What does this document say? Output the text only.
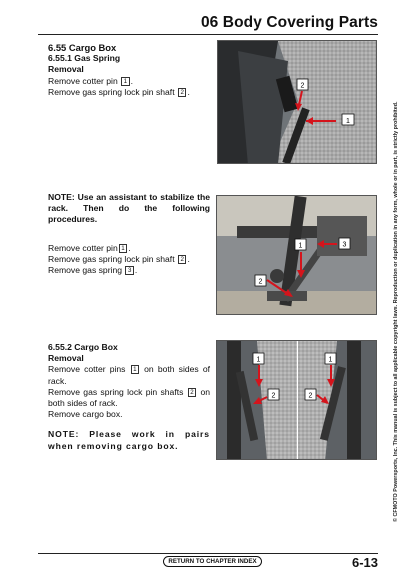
06 Body Covering Parts
© CFMOTO Powersports, Inc. This manual is subject to all applicable copyright laws. Reproduction or duplication in any form, whole or in part, is strictly prohibited.
6.55 Cargo Box
6.55.1 Gas Spring
Removal
Remove cotter pin 1 .
Remove gas spring lock pin shaft 2 .
NOTE: Use an assistant to stabilize the rack. Then do the following procedures.
Remove cotter pin 1 .
Remove gas spring lock pin shaft 2 .
Remove gas spring 3 .
6.55.2 Cargo Box
Removal
Remove cotter pins 1 on both sides of rack.
Remove gas spring lock pin shafts 2 on both sides of rack.
Remove cargo box.
NOTE: Please work in pairs when removing cargo box.
1
2
1	3
2
1
2
1
2
RETURN TO CHAPTER INDEX	6-13
